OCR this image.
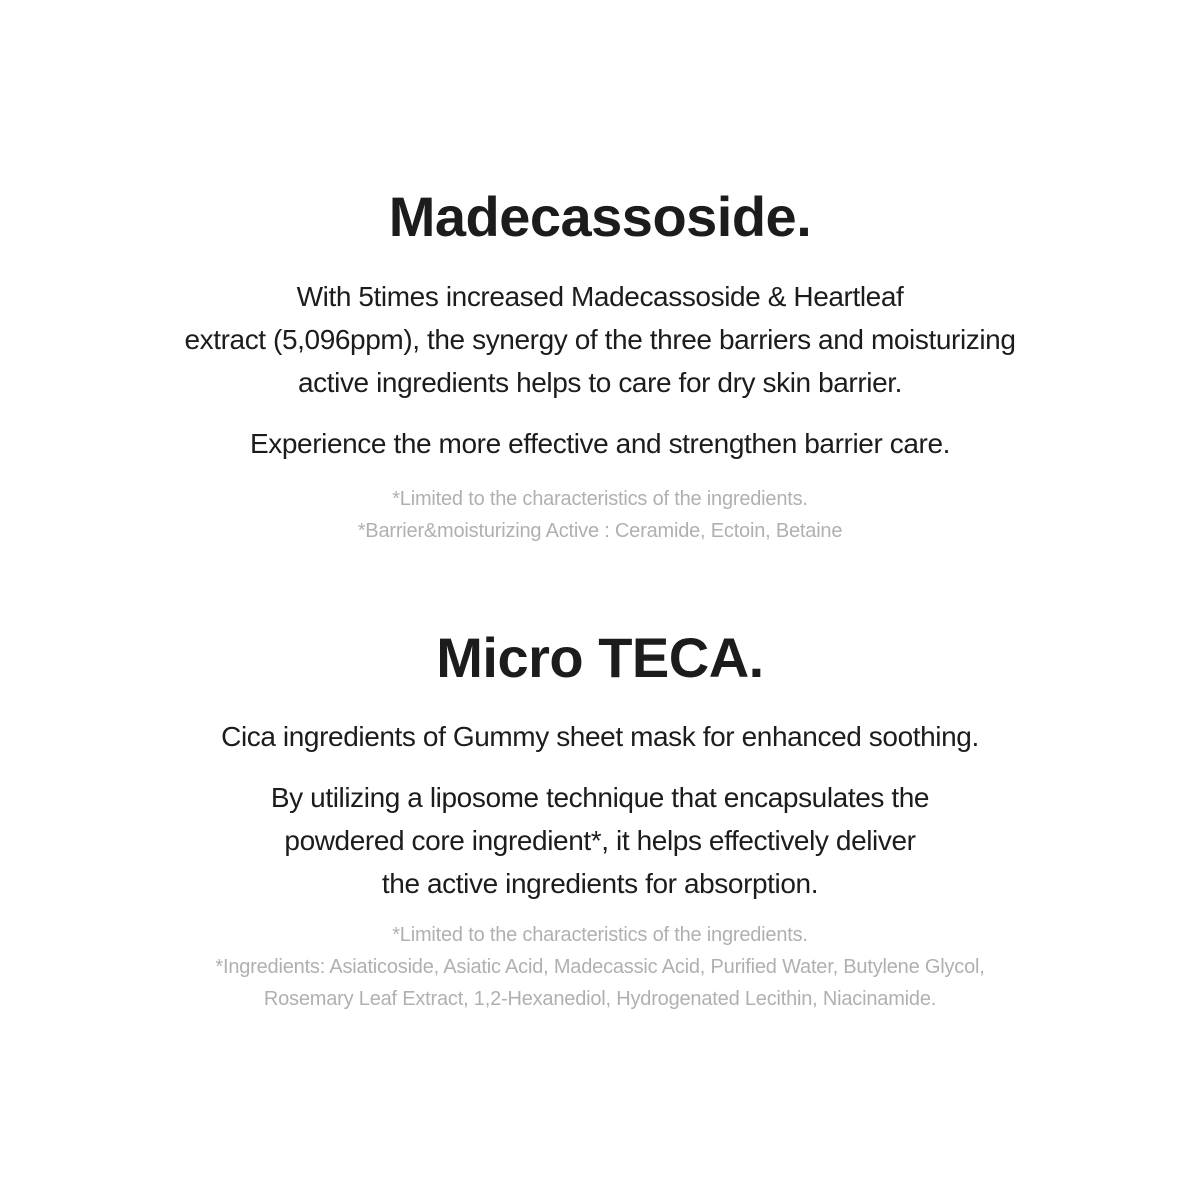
Madecassoside.
With 5times increased Madecassoside & Heartleaf
extract (5,096ppm), the synergy of the three barriers and moisturizing
active ingredients helps to care for dry skin barrier.
Experience the more effective and strengthen barrier care.
*Limited to the characteristics of the ingredients.
*Barrier&moisturizing Active : Ceramide, Ectoin, Betaine
Micro TECA.
Cica ingredients of Gummy sheet mask for enhanced soothing.
By utilizing a liposome technique that encapsulates the
powdered core ingredient*, it helps effectively deliver
the active ingredients for absorption.
*Limited to the characteristics of the ingredients.
*Ingredients: Asiaticoside, Asiatic Acid, Madecassic Acid, Purified Water, Butylene Glycol,
Rosemary Leaf Extract, 1,2-Hexanediol, Hydrogenated Lecithin, Niacinamide.
